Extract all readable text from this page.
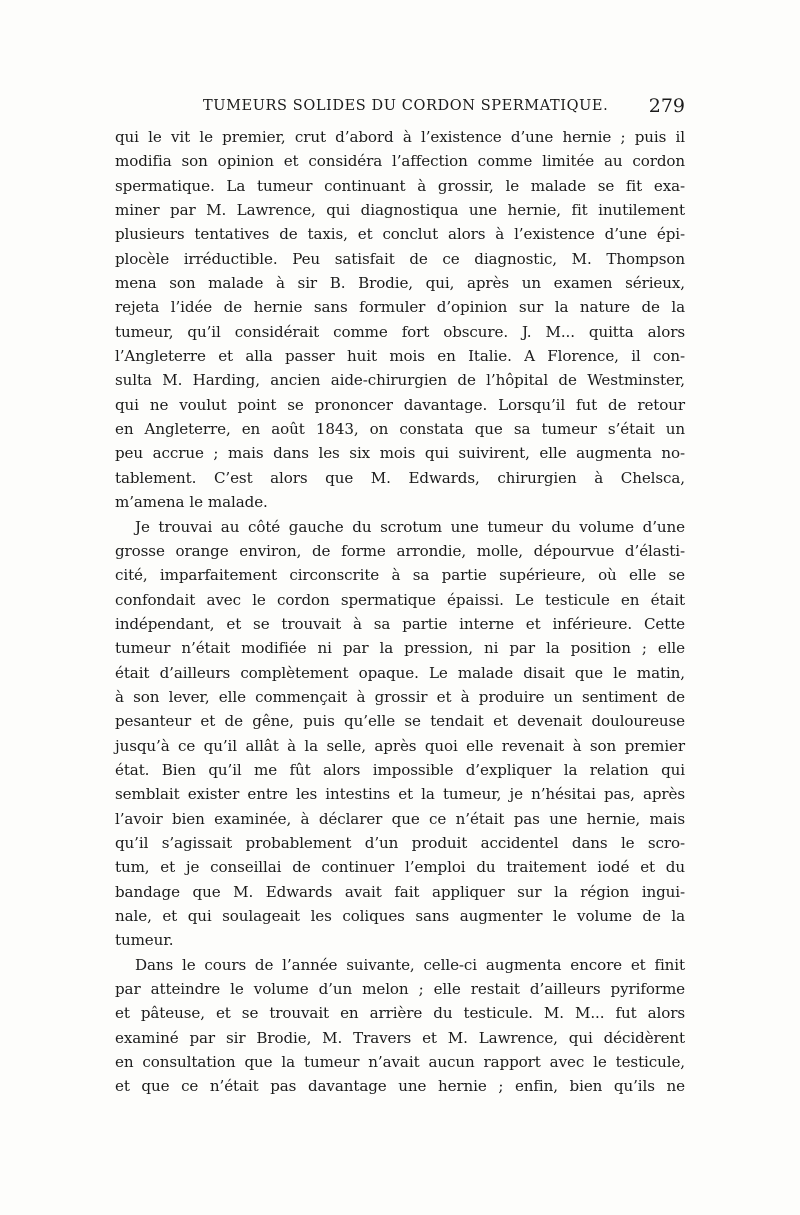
TUMEURS SOLIDES DU CORDON SPERMATIQUE. 279
qui le vit le premier, crut d’abord à l’existence d’une hernie ; puis il
modifia son opinion et considéra l’affection comme limitée au cordon
spermatique. La tumeur continuant à grossir, le malade se fit exa-
miner par M. Lawrence, qui diagnostiqua une hernie, fit inutilement
plusieurs tentatives de taxis, et conclut alors à l’existence d’une épi-
plocèle irréductible. Peu satisfait de ce diagnostic, M. Thompson
mena son malade à sir B. Brodie, qui, après un examen sérieux,
rejeta l’idée de hernie sans formuler d’opinion sur la nature de la
tumeur, qu’il considérait comme fort obscure. J. M... quitta alors
l’Angleterre et alla passer huit mois en Italie. A Florence, il con-
sulta M. Harding, ancien aide-chirurgien de l’hôpital de Westminster,
qui ne voulut point se prononcer davantage. Lorsqu’il fut de retour
en Angleterre, en août 1843, on constata que sa tumeur s’était un
peu accrue ; mais dans les six mois qui suivirent, elle augmenta no-
tablement. C’est alors que M. Edwards, chirurgien à Chelsca,
m’amena le malade.
Je trouvai au côté gauche du scrotum une tumeur du volume d’une
grosse orange environ, de forme arrondie, molle, dépourvue d’élasti-
cité, imparfaitement circonscrite à sa partie supérieure, où elle se
confondait avec le cordon spermatique épaissi. Le testicule en était
indépendant, et se trouvait à sa partie interne et inférieure. Cette
tumeur n’était modifiée ni par la pression, ni par la position ; elle
était d’ailleurs complètement opaque. Le malade disait que le matin,
à son lever, elle commençait à grossir et à produire un sentiment de
pesanteur et de gêne, puis qu’elle se tendait et devenait douloureuse
jusqu’à ce qu’il allât à la selle, après quoi elle revenait à son premier
état. Bien qu’il me fût alors impossible d’expliquer la relation qui
semblait exister entre les intestins et la tumeur, je n’hésitai pas, après
l’avoir bien examinée, à déclarer que ce n’était pas une hernie, mais
qu’il s’agissait probablement d’un produit accidentel dans le scro-
tum, et je conseillai de continuer l’emploi du traitement iodé et du
bandage que M. Edwards avait fait appliquer sur la région ingui-
nale, et qui soulageait les coliques sans augmenter le volume de la
tumeur.
Dans le cours de l’année suivante, celle-ci augmenta encore et finit
par atteindre le volume d’un melon ; elle restait d’ailleurs pyriforme
et pâteuse, et se trouvait en arrière du testicule. M. M... fut alors
examiné par sir Brodie, M. Travers et M. Lawrence, qui décidèrent
en consultation que la tumeur n’avait aucun rapport avec le testicule,
et que ce n’était pas davantage une hernie ; enfin, bien qu’ils ne
